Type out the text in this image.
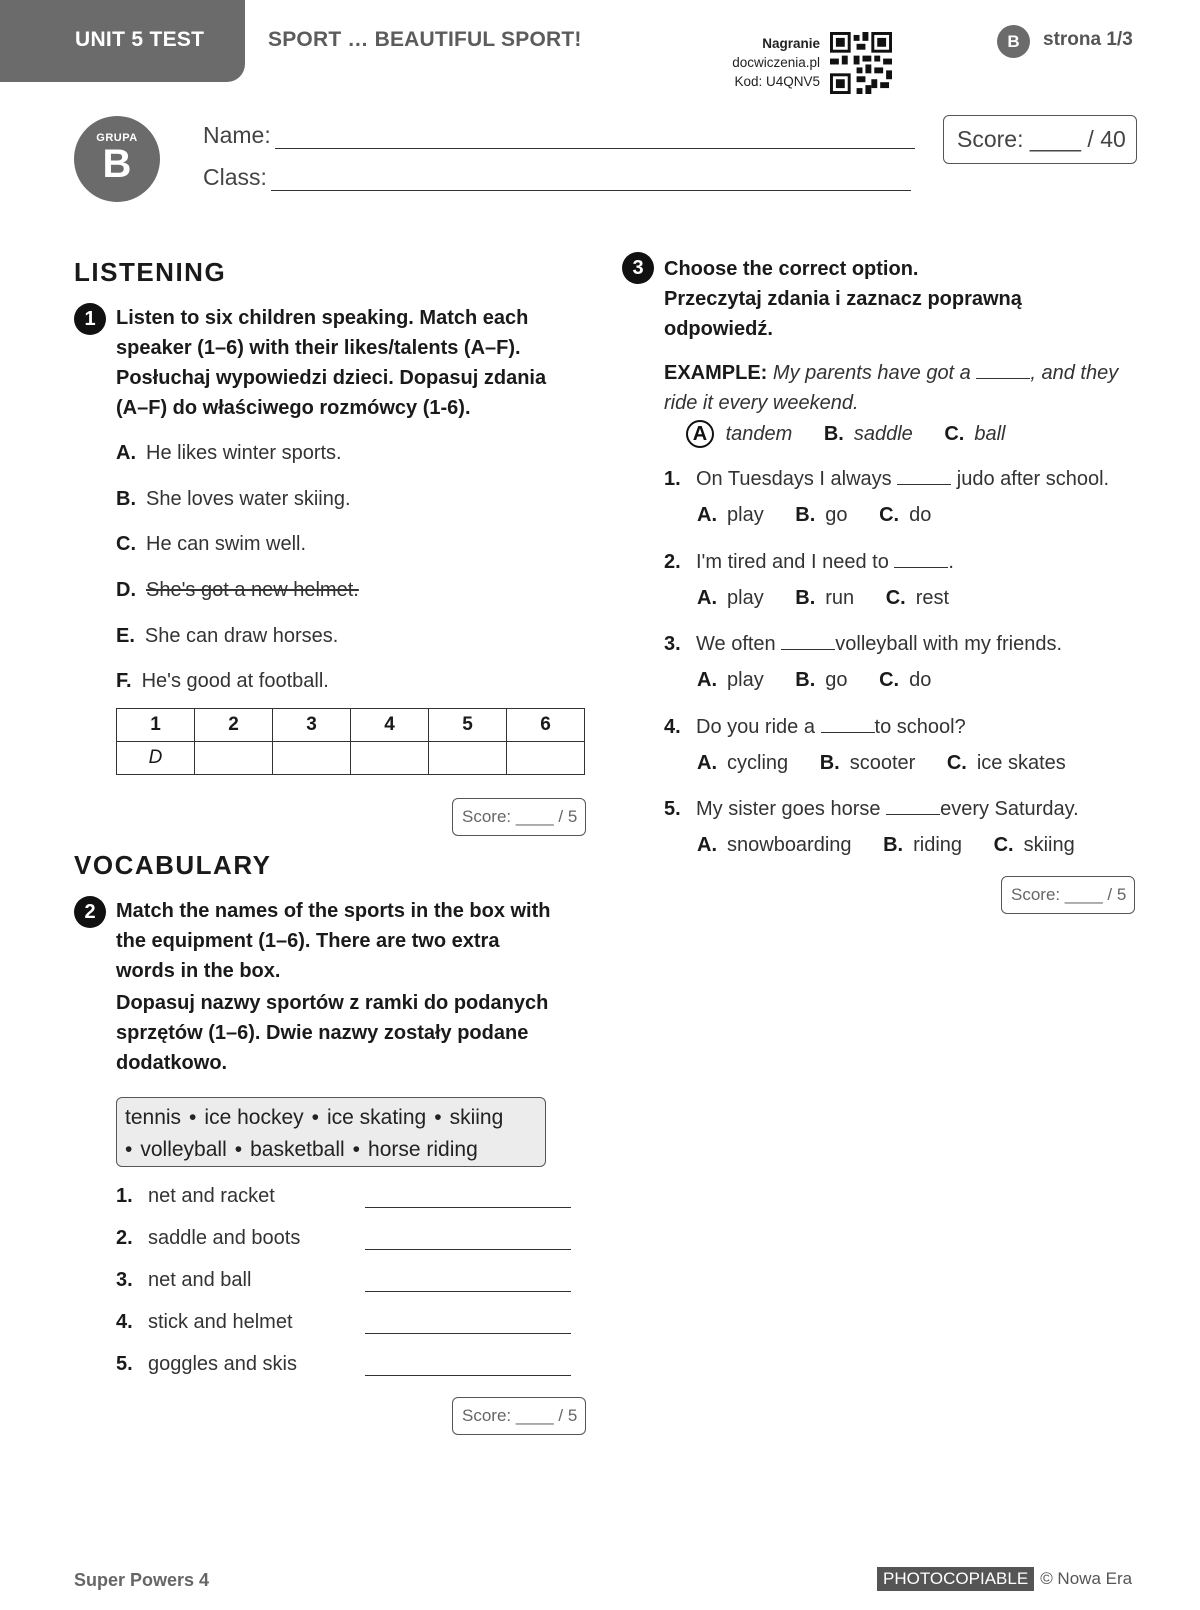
UNIT 5 TEST	SPORT … BEAUTIFUL SPORT!	Nagranie
docwiczenia.pl
Kod: U4QNV5
B	strona 1/3
GRUPA
B
Name:
Class:
Score: ____ / 40
LISTENING
1	Listen to six children speaking. Match each
speaker (1–6) with their likes/talents (A–F).
Posłuchaj wypowiedzi dzieci. Dopasuj zdania
(A–F) do właściwego rozmówcy (1-6).
A. He likes winter sports.
B. She loves water skiing.
C. He can swim well.
D. She's got a new helmet.
E. She can draw horses.
F. He's good at football.
1	2	3	4	5	6
D					
Score: ____ / 5
VOCABULARY
2	Match the names of the sports in the box with
the equipment (1–6). There are two extra
words in the box.
Dopasuj nazwy sportów z ramki do podanych
sprzętów (1–6). Dwie nazwy zostały podane
dodatkowo.
tennis • ice hockey • ice skating • skiing
• volleyball • basketball • horse riding
1. net and racket
2. saddle and boots
3. net and ball
4. stick and helmet
5. goggles and skis
Score: ____ / 5
3	Choose the correct option.
Przeczytaj zdania i zaznacz poprawną
odpowiedź.
EXAMPLE: My parents have got a	, and they
ride it every weekend.
A tandem B. saddle C. ball
1. On Tuesdays I always	judo after school.
A. play B. go C. do
2. I'm tired and I need to	.
A. play B. run C. rest
3. We often	volleyball with my friends.
A. play B. go C. do
4. Do you ride a	to school?
A. cycling B. scooter C. ice skates
5. My sister goes horse	every Saturday.
A. snowboarding B. riding C. skiing
Score: ____ / 5
Super Powers 4	PHOTOCOPIABLE © Nowa Era
